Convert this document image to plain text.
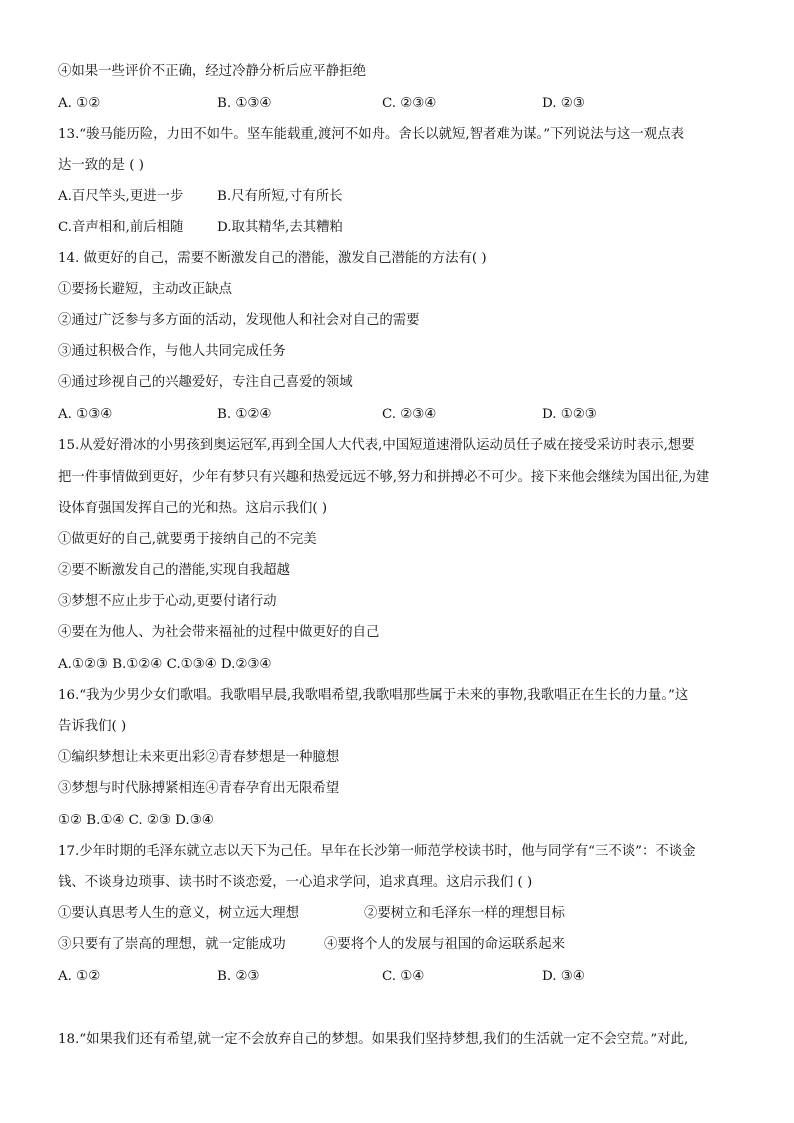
④如果一些评价不正确，经过冷静分析后应平静拒绝
A. ①②	B. ①③④	C. ②③④	D. ②③
13.“骏马能历险，力田不如牛。坚车能载重,渡河不如舟。舍长以就短,智者难为谋。”下列说法与这一观点表
达一致的是 ( )
A.百尺竿头,更进一步	B.尺有所短,寸有所长
C.音声相和,前后相随	D.取其精华,去其糟粕
14. 做更好的自己，需要不断激发自己的潜能，激发自己潜能的方法有( )
①要扬长避短，主动改正缺点
②通过广泛参与多方面的活动，发现他人和社会对自己的需要
③通过积极合作，与他人共同完成任务
④通过珍视自己的兴趣爱好，专注自己喜爱的领域
A. ①③④	B. ①②④	C. ②③④	D. ①②③
15.从爱好滑冰的小男孩到奥运冠军,再到全国人大代表,中国短道速滑队运动员任子威在接受采访时表示,想要
把一件事情做到更好，少年有梦只有兴趣和热爱远远不够,努力和拼搏必不可少。接下来他会继续为国出征,为建
设体育强国发挥自己的光和热。这启示我们( )
①做更好的自己,就要勇于接纳自己的不完美
②要不断激发自己的潜能,实现自我超越
③梦想不应止步于心动,更要付诸行动
④要在为他人、为社会带来福祉的过程中做更好的自己
A.①②③ B.①②④ C.①③④ D.②③④
16.“我为少男少女们歌唱。我歌唱早晨,我歌唱希望,我歌唱那些属于未来的事物,我歌唱正在生长的力量。”这
告诉我们( )
①编织梦想让未来更出彩②青春梦想是一种臆想
③梦想与时代脉搏紧相连④青春孕育出无限希望
①② B.①④ C. ②③ D.③④
17.少年时期的毛泽东就立志以天下为己任。早年在长沙第一师范学校读书时，他与同学有“三不谈”：不谈金
钱、不谈身边琐事、读书时不谈恋爱，一心追求学问，追求真理。这启示我们 ( )
①要认真思考人生的意义，树立远大理想	②要树立和毛泽东一样的理想目标
③只要有了崇高的理想，就一定能成功	④要将个人的发展与祖国的命运联系起来
A. ①②	B. ②③	C. ①④	D. ③④
18.“如果我们还有希望,就一定不会放弃自己的梦想。如果我们坚持梦想,我们的生活就一定不会空荒。”对此,
